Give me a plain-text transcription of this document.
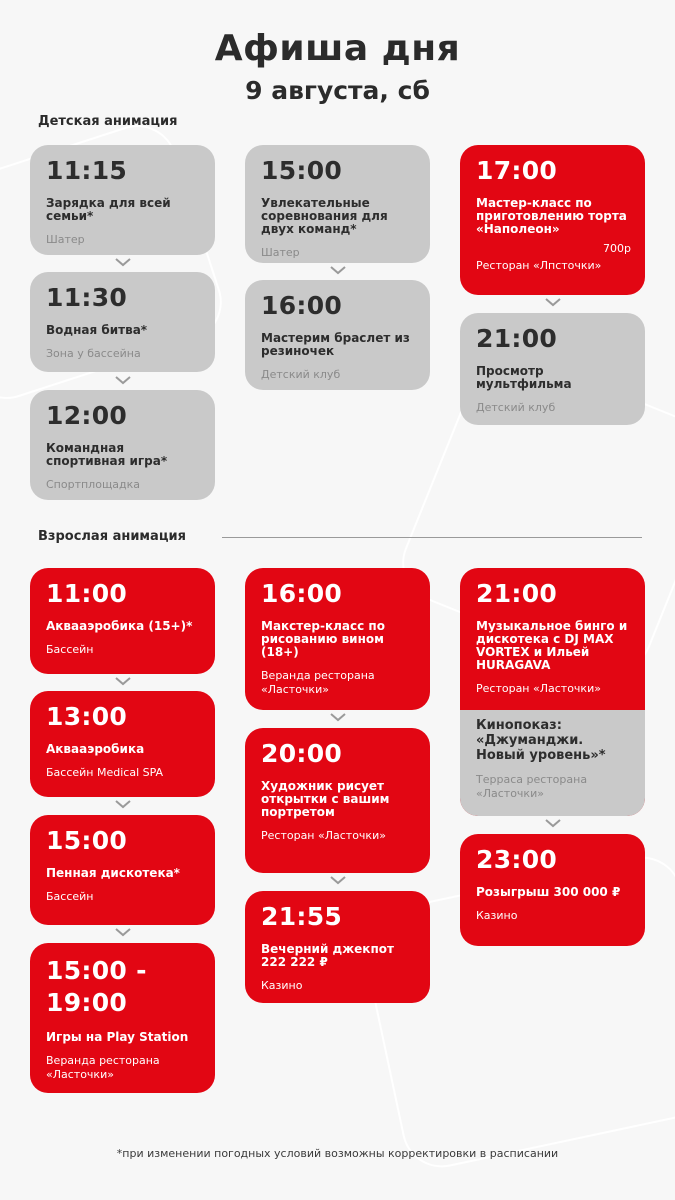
Афиша дня
9 августа, сб
Детская анимация
11:15
Зарядка для всей семьи*
Шатер
11:30
Водная битва*
Зона у бассейна
12:00
Командная спортивная игра*
Спортплощадка
15:00
Увлекательные соревнования для двух команд*
Шатер
16:00
Мастерим браслет из резиночек
Детский клуб
17:00
Мастер-класс по приготовлению торта «Наполеон»
700р
Ресторан «Лпсточки»
21:00
Просмотр мультфильма
Детский клуб
Взрослая анимация
11:00
Аквааэробика (15+)*
Бассейн
13:00
Аквааэробика
Бассейн Medical SPA
15:00
Пенная дискотека*
Бассейн
15:00 -
19:00
Игры на Play Station
Веранда ресторана «Ласточки»
16:00
Макстер-класс по рисованию вином (18+)
Веранда ресторана «Ласточки»
20:00
Художник рисует открытки с вашим портретом
Ресторан «Ласточки»
21:55
Вечерний джекпот 222 222 ₽
Казино
21:00
Музыкальное бинго и дискотека с DJ MAX VORTEX и Ильей HURAGAVA
Ресторан «Ласточки»
Кинопоказ: «Джуманджи. Новый уровень»*
Терраса ресторана «Ласточки»
23:00
Розыгрыш 300 000 ₽
Казино
*при изменении погодных условий возможны корректировки в расписании
